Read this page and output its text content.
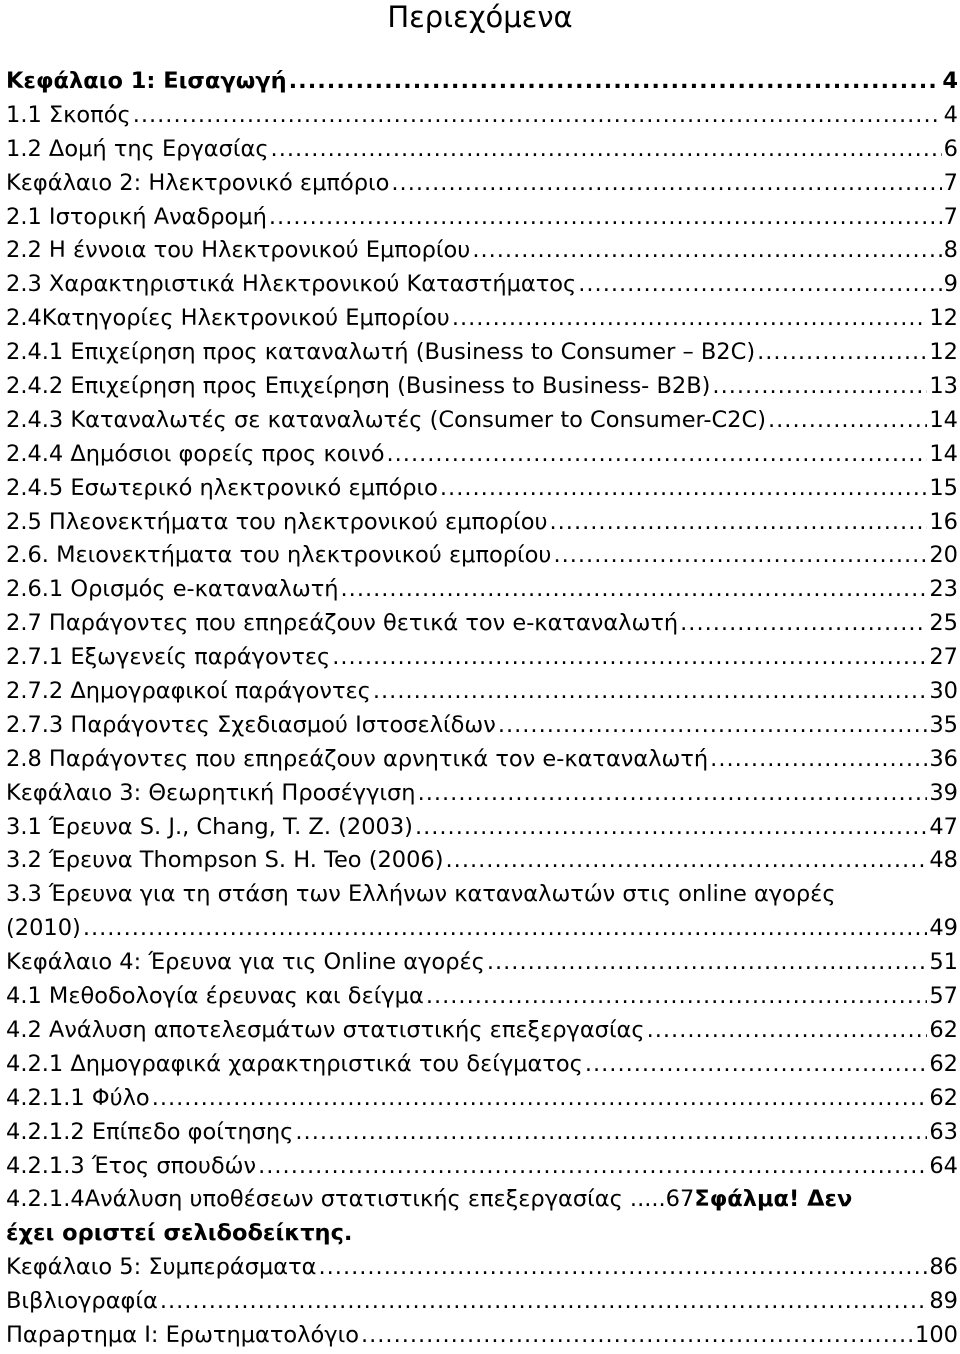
Περιεχόμενα
Κεφάλαιο 1: Εισαγωγή .....	4
1.1 Σκοπός .....	4
1.2 Δομή της Εργασίας .....	6
Κεφάλαιο 2: Ηλεκτρονικό εμπόριο .....	7
2.1 Ιστορική Αναδρομή .....	7
2.2 Η έννοια του Ηλεκτρονικού Εμπορίου .....	8
2.3 Χαρακτηριστικά Ηλεκτρονικού Καταστήματος .....	9
2.4Κατηγορίες Ηλεκτρονικού Εμπορίου .....	12
2.4.1 Επιχείρηση προς καταναλωτή (Business to Consumer – B2C) .....	12
2.4.2 Επιχείρηση προς Επιχείρηση (Business to Business- B2B) .....	13
2.4.3 Καταναλωτές σε καταναλωτές (Consumer to Consumer-C2C) .....	14
2.4.4 Δημόσιοι φορείς προς κοινό .....	14
2.4.5 Εσωτερικό ηλεκτρονικό εμπόριο .....	15
2.5 Πλεονεκτήματα του ηλεκτρονικού εμπορίου .....	16
2.6. Μειονεκτήματα του ηλεκτρονικού εμπορίου .....	20
2.6.1 Ορισμός e-καταναλωτή .....	23
2.7 Παράγοντες που επηρεάζουν θετικά τον e-καταναλωτή .....	25
2.7.1 Εξωγενείς παράγοντες .....	27
2.7.2 Δημογραφικοί παράγοντες .....	30
2.7.3 Παράγοντες Σχεδιασμού Ιστοσελίδων .....	35
2.8 Παράγοντες που επηρεάζουν αρνητικά τον e-καταναλωτή .....	36
Κεφάλαιο 3: Θεωρητική Προσέγγιση .....	39
3.1 Έρευνα S. J., Chang, T. Z. (2003) .....	47
3.2 Έρευνα Thompson S. H. Teo (2006) .....	48
3.3 Έρευνα για τη στάση των Ελλήνων καταναλωτών στις online αγορές
(2010) .....	49
Κεφάλαιο 4: Έρευνα για τις Online αγορές .....	51
4.1 Μεθοδολογία έρευνας και δείγμα .....	57
4.2 Ανάλυση αποτελεσμάτων στατιστικής επεξεργασίας .....	62
4.2.1 Δημογραφικά χαρακτηριστικά του δείγματος .....	62
4.2.1.1 Φύλο .....	62
4.2.1.2 Επίπεδο φοίτησης .....	63
4.2.1.3 Έτος σπουδών .....	64
4.2.1.4Ανάλυση υποθέσεων στατιστικής επεξεργασίας .....67 Σφάλμα! Δεν
έχει οριστεί σελιδοδείκτης.
Κεφάλαιο 5: Συμπεράσματα .....	86
Βιβλιογραφία .....	89
Παρaρτημα Ι: Ερωτηματολόγιο .....	100
